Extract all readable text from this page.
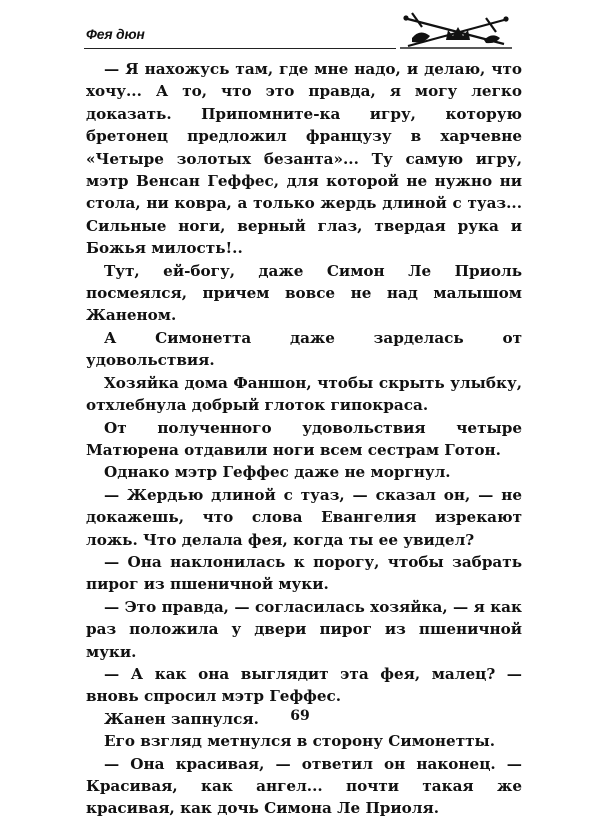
Фея дюн

— Я нахожусь там, где мне надо, и делаю, что хочу... А то, что это правда, я могу легко доказать. Припомните-ка игру, которую бретонец предложил французу в харчевне «Четыре золотых безанта»... Ту самую игру, мэтр Венсан Геффес, для которой не нужно ни стола, ни ковра, а только жердь длиной с туаз... Сильные ноги, верный глаз, твердая рука и Божья милость!..

Тут, ей-богу, даже Симон Ле Приоль посмеялся, причем вовсе не над малышом Жаненом.

А Симонетта даже зарделась от удовольствия.

Хозяйка дома Фаншон, чтобы скрыть улыбку, отхлебнула добрый глоток гипокраса.

От полученного удовольствия четыре Матюрена отдавили ноги всем сестрам Готон.

Однако мэтр Геффес даже не моргнул.

— Жердью длиной с туаз, — сказал он, — не докажешь, что слова Евангелия изрекают ложь. Что делала фея, когда ты ее увидел?

— Она наклонилась к порогу, чтобы забрать пирог из пшеничной муки.

— Это правда, — согласилась хозяйка, — я как раз положила у двери пирог из пшеничной муки.

— А как она выглядит эта фея, малец? — вновь спросил мэтр Геффес.

Жанен запнулся.

Его взгляд метнулся в сторону Симонетты.

— Она красивая, — ответил он наконец. — Красивая, как ангел... почти такая же красивая, как дочь Симона Ле Приоля.

69
